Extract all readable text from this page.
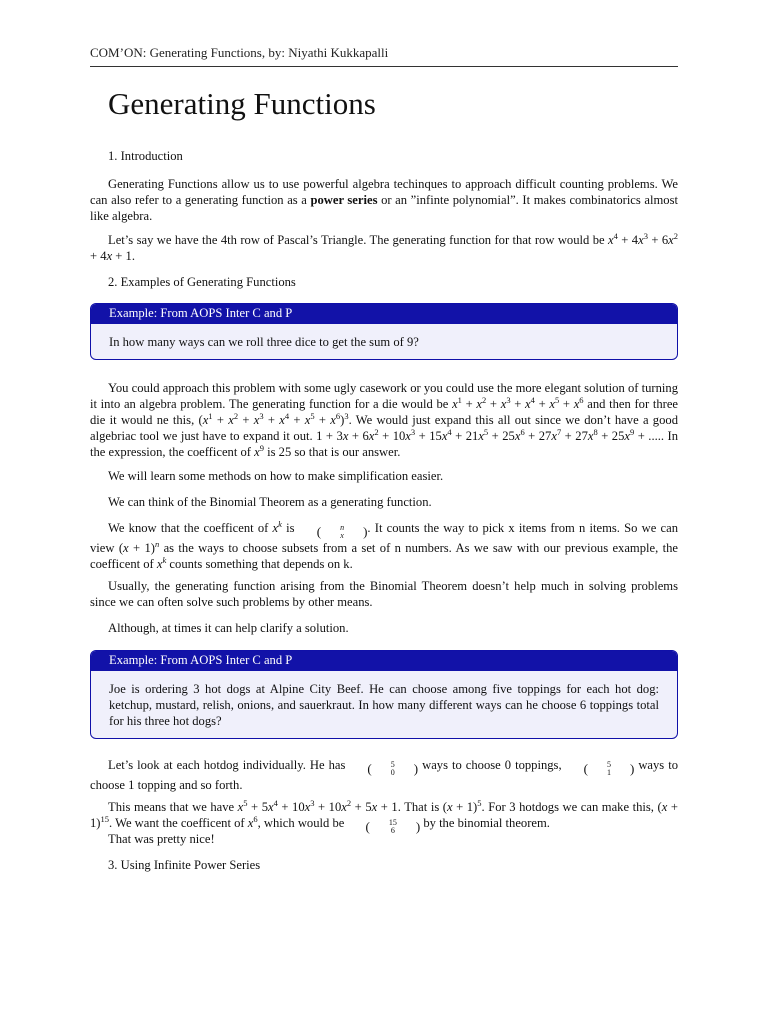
COM’ON: Generating Functions, by: Niyathi Kukkapalli
Generating Functions

1. Introduction

Generating Functions allow us to use powerful algebra techinques to approach difficult counting problems. We can also refer to a generating function as a power series or an ”infinte polynomial”. It makes combinatorics almost like algebra.

Let’s say we have the 4th row of Pascal’s Triangle. The generating function for that row would be $x^4 + 4x^3 + 6x^2 + 4x + 1$.

2. Examples of Generating Functions

Example: From AOPS Inter C and P
In how many ways can we roll three dice to get the sum of 9?

You could approach this problem with some ugly casework or you could use the more elegant solution of turning it into an algebra problem. The generating function for a die would be $x^1 + x^2 + x^3 + x^4 + x^5 + x^6$ and then for three die it would ne this, $(x^1 + x^2 + x^3 + x^4 + x^5 + x^6)^3$. We would just expand this all out since we don’t have a good algebriac tool we just have to expand it out. $1 + 3x + 6x^2 + 10x^3 + 15x^4 + 21x^5 + 25x^6 + 27x^7 + 27x^8 + 25x^9$ + ..... In the expression, the coefficent of $x^9$ is 25 so that is our answer.

We will learn some methods on how to make simplification easier.

We can think of the Binomial Theorem as a generating function.

We know that the coefficent of $x^k$ is (	n
x ). It counts the way to pick x items from n items. So we can view $(x + 1)^n$ as the ways to choose subsets from a set of n numbers. As we saw with our previous example, the coefficent of $x^k$ counts something that depends on k.

Usually, the generating function arising from the Binomial Theorem doesn’t help much in solving problems since we can often solve such problems by other means.

Although, at times it can help clarify a solution.

Example: From AOPS Inter C and P
Joe is ordering 3 hot dogs at Alpine City Beef. He can choose among five toppings for each hot dog: ketchup, mustard, relish, onions, and sauerkraut. In how many different ways can he choose 6 toppings total for his three hot dogs?

Let’s look at each hotdog individually. He has (	5
0 ) ways to choose 0 toppings, (	5
1 ) ways to choose 1 topping and so forth.

This means that we have $x^5 + 5x^4 + 10x^3 + 10x^2 + 5x + 1$. That is $(x + 1)^5$. For 3 hotdogs we can make this, $(x + 1)^{15}$. We want the coefficent of $x^6$, which would be (	15
6 ) by the binomial theorem.

That was pretty nice!

3. Using Infinite Power Series
